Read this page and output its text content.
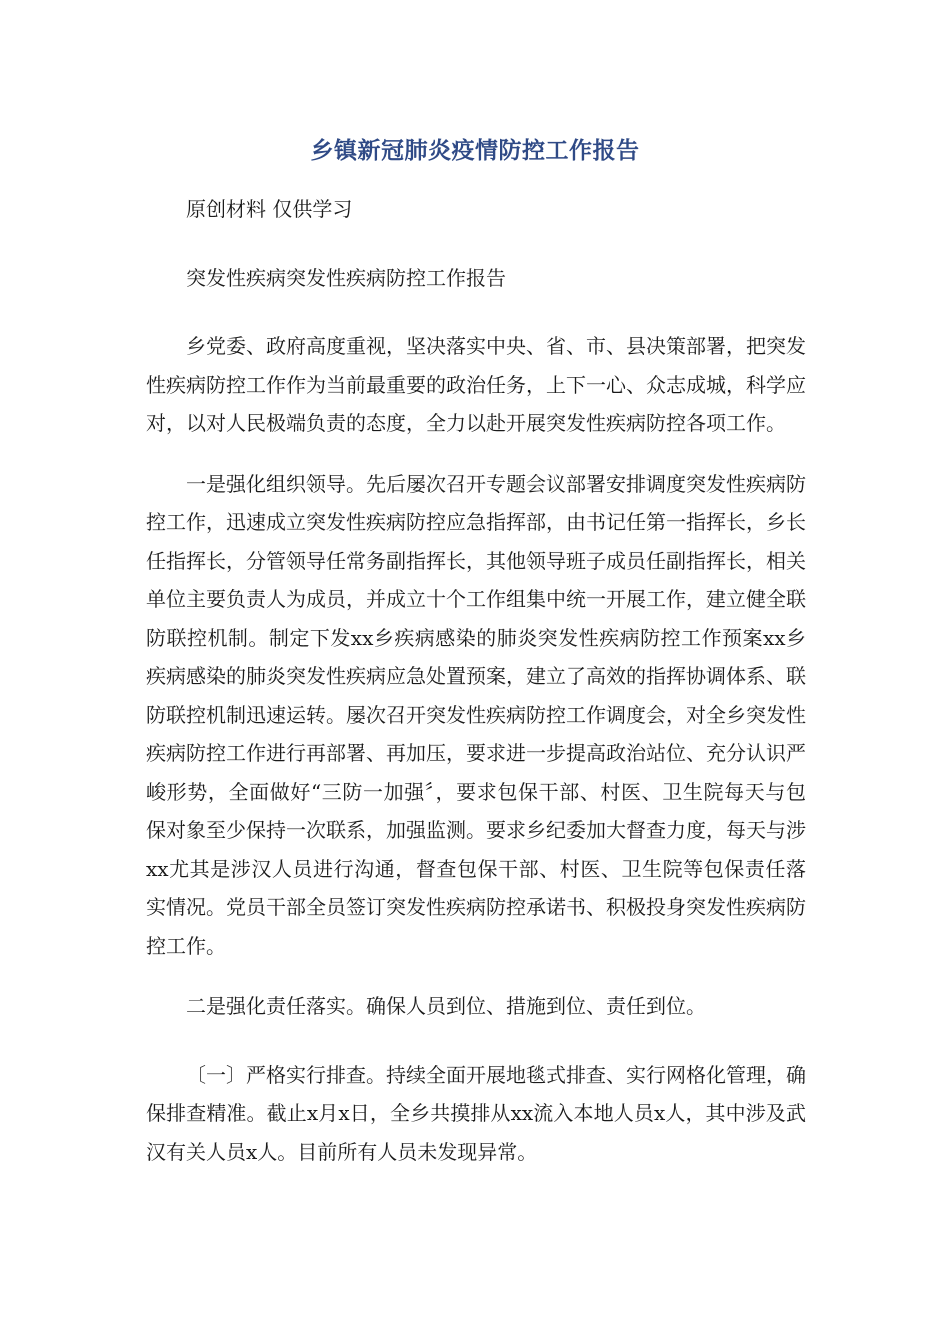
乡镇新冠肺炎疫情防控工作报告

原创材料 仅供学习

突发性疾病突发性疾病防控工作报告

乡党委、政府高度重视，坚决落实中央、省、市、县决策部署，把突发性疾病防控工作作为当前最重要的政治任务，上下一心、众志成城，科学应对，以对人民极端负责的态度，全力以赴开展突发性疾病防控各项工作。

一是强化组织领导。先后屡次召开专题会议部署安排调度突发性疾病防控工作，迅速成立突发性疾病防控应急指挥部，由书记任第一指挥长，乡长任指挥长，分管领导任常务副指挥长，其他领导班子成员任副指挥长，相关单位主要负责人为成员，并成立十个工作组集中统一开展工作，建立健全联防联控机制。制定下发xx乡疾病感染的肺炎突发性疾病防控工作预案xx乡疾病感染的肺炎突发性疾病应急处置预案，建立了高效的指挥协调体系、联防联控机制迅速运转。屡次召开突发性疾病防控工作调度会，对全乡突发性疾病防控工作进行再部署、再加压，要求进一步提高政治站位、充分认识严峻形势，全面做好“三防一加强〞，要求包保干部、村医、卫生院每天与包保对象至少保持一次联系，加强监测。要求乡纪委加大督查力度，每天与涉xx尤其是涉汉人员进行沟通，督查包保干部、村医、卫生院等包保责任落实情况。党员干部全员签订突发性疾病防控承诺书、积极投身突发性疾病防控工作。

二是强化责任落实。确保人员到位、措施到位、责任到位。

〔一〕严格实行排查。持续全面开展地毯式排查、实行网格化管理，确保排查精准。截止x月x日，全乡共摸排从xx流入本地人员x人，其中涉及武汉有关人员x人。目前所有人员未发现异常。
